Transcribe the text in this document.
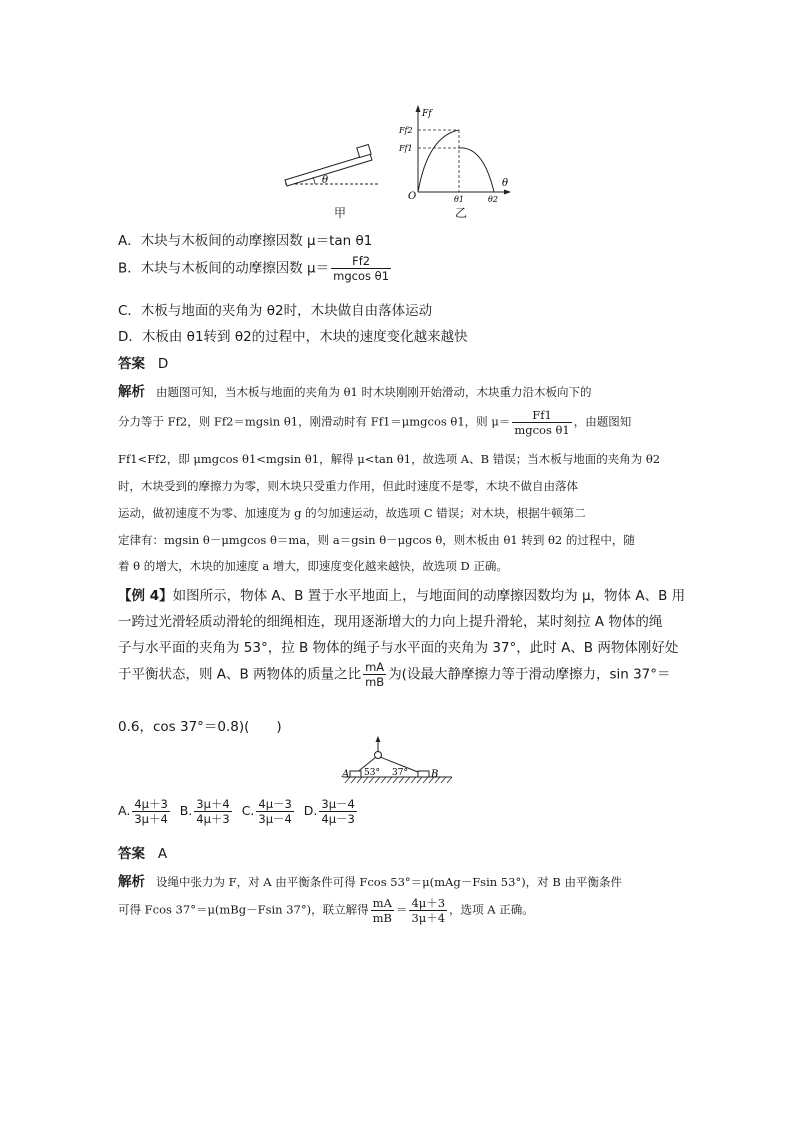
θ
甲
Ff
Ff2
Ff1
O
θ
θ1	θ2
乙
A．木块与木板间的动摩擦因数 μ＝tan θ1
B．木块与木板间的动摩擦因数 $\mu= \frac{Ff2}{\text{mgcos θ1}}$
C．木板与地面的夹角为 θ2时，木块做自由落体运动
D．木板由 θ1转到 θ2的过程中，木块的速度变化越来越快
答案 D
解析 由题图可知，当木板与地面的夹角为 θ1 时木块刚刚开始滑动，木块重力沿木板向下的
分力等于 Ff2，则 Ff2＝mgsin θ1，刚滑动时有 Ff1＝μmgcos θ1，则 $\mu= \frac{Ff1}{\text{mgcos θ1}}$ ，由题图知
Ff1<Ff2，即 μmgcos θ1<mgsin θ1，解得 μ<tan θ1，故选项 A、B 错误；当木板与地面的夹角为 θ2
时，木块受到的摩擦力为零，则木块只受重力作用，但此时速度不是零，木块不做自由落体
运动，做初速度不为零、加速度为 g 的匀加速运动，故选项 C 错误；对木块，根据牛顿第二
定律有：mgsin θ－μmgcos θ＝ma，则 a＝gsin θ－μgcos θ，则木板由 θ1 转到 θ2 的过程中，随
着 θ 的增大，木块的加速度 a 增大，即速度变化越来越快，故选项 D 正确。
【例 4】如图所示，物体 A、B 置于水平地面上，与地面间的动摩擦因数均为 μ，物体 A、B 用
一跨过光滑轻质动滑轮的细绳相连，现用逐渐增大的力向上提升滑轮，某时刻拉 A 物体的绳
子与水平面的夹角为 53°，拉 B 物体的绳子与水平面的夹角为 37°，此时 A、B 两物体刚好处
于平衡状态，则 A、B 两物体的质量之比 $\frac{mA}{mB}$ 为(设最大静摩擦力等于滑动摩擦力，sin 37°＝
0.6，cos 37°＝0.8)(　　)
A	B
53° 37°
A. $\frac{4\mu+3}{3\mu+4} B$. $\frac{3\mu+4}{4\mu+3} C$. $\frac{4\mu-3}{3\mu-4} D$. $\frac{3\mu-4}{4\mu-3}$
答案 A
解析 设绳中张力为 F，对 A 由平衡条件可得 Fcos 53°＝μ(mAg－Fsin 53°)，对 B 由平衡条件
可得 Fcos 37°＝μ(mBg－Fsin 37°)，联立解得 $\frac{mA}{mB} = \frac{4\mu+3}{3\mu+4}$ ，选项 A 正确。
